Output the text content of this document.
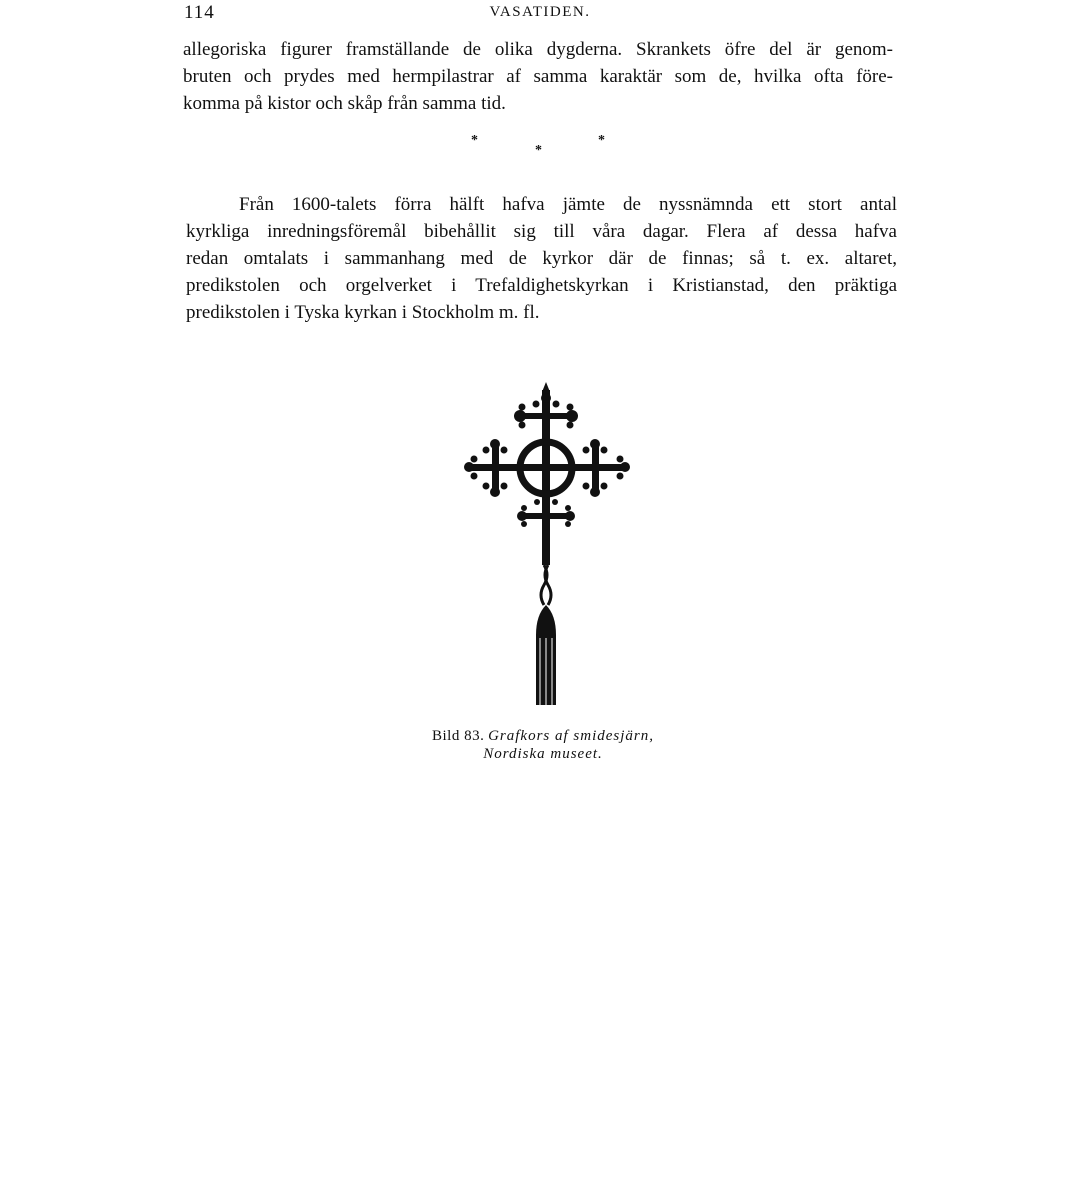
114	VASATIDEN.
allegoriska figurer framställande de olika dygderna. Skrankets öfre del är genom-
bruten och prydes med hermpilastrar af samma karaktär som de, hvilka ofta före-
komma på kistor och skåp från samma tid.
*
*
*
Från 1600-talets förra hälft hafva jämte de nyssnämnda ett stort antal
kyrkliga inredningsföremål bibehållit sig till våra dagar. Flera af dessa hafva
redan omtalats i sammanhang med de kyrkor där de finnas; så t. ex. altaret,
predikstolen och orgelverket i Trefaldighetskyrkan i Kristianstad, den präktiga
predikstolen i Tyska kyrkan i Stockholm m. fl.
Bild 83. Grafkors af smidesjärn,
Nordiska museet.
